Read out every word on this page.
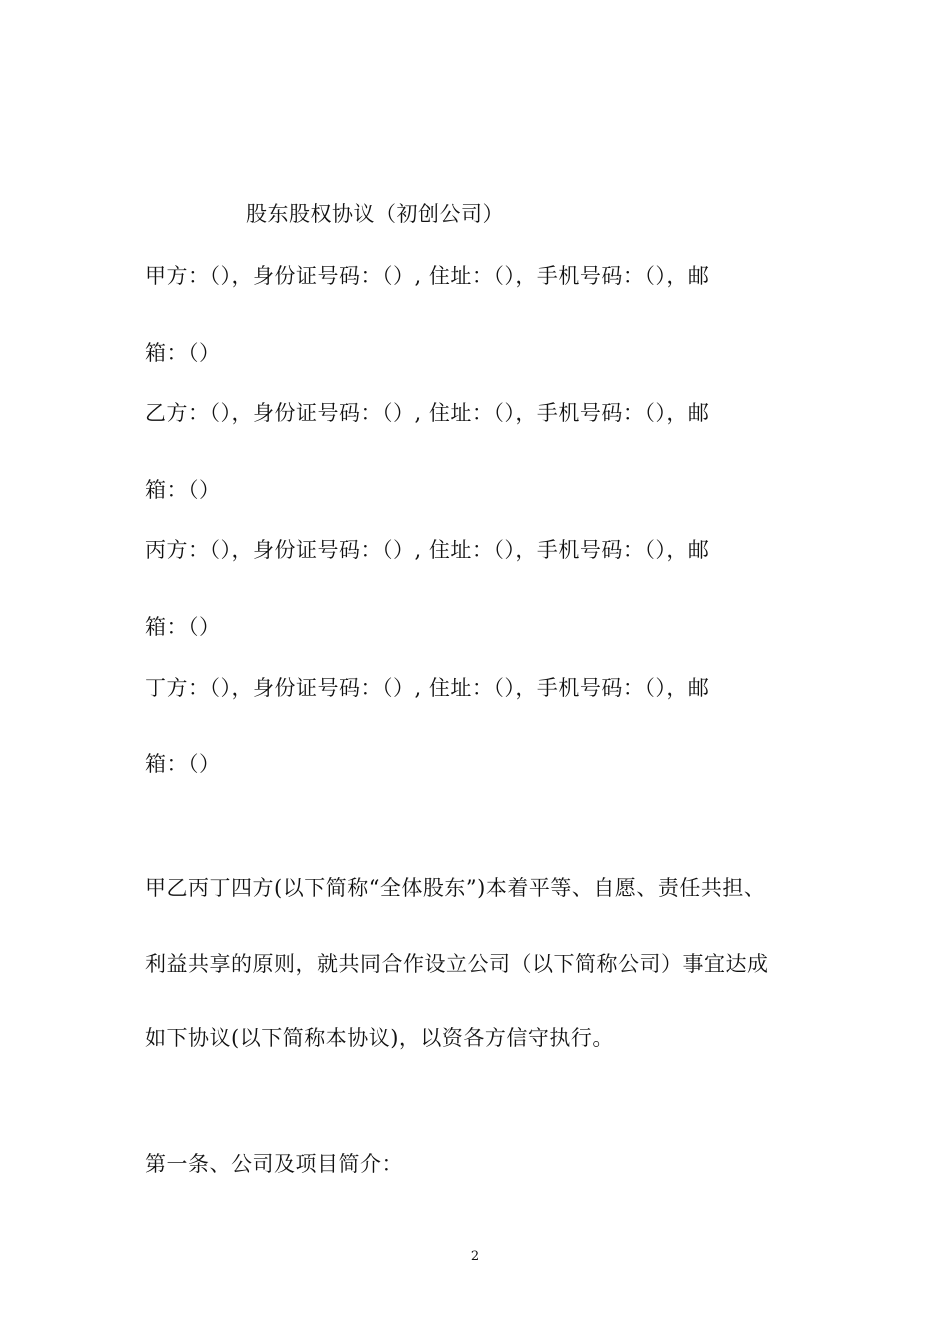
股东股权协议（初创公司）
甲方：（），身份证号码：（）, 住址：（），手机号码：（），邮
箱：（）
乙方：（），身份证号码：（）, 住址：（），手机号码：（），邮
箱：（）
丙方：（），身份证号码：（）, 住址：（），手机号码：（），邮
箱：（）
丁方：（），身份证号码：（）, 住址：（），手机号码：（），邮
箱：（）
甲乙丙丁四方(以下简称“全体股东”)本着平等、自愿、责任共担、
利益共享的原则，就共同合作设立公司（以下简称公司）事宜达成
如下协议(以下简称本协议)，以资各方信守执行。
第一条、公司及项目简介：
2
